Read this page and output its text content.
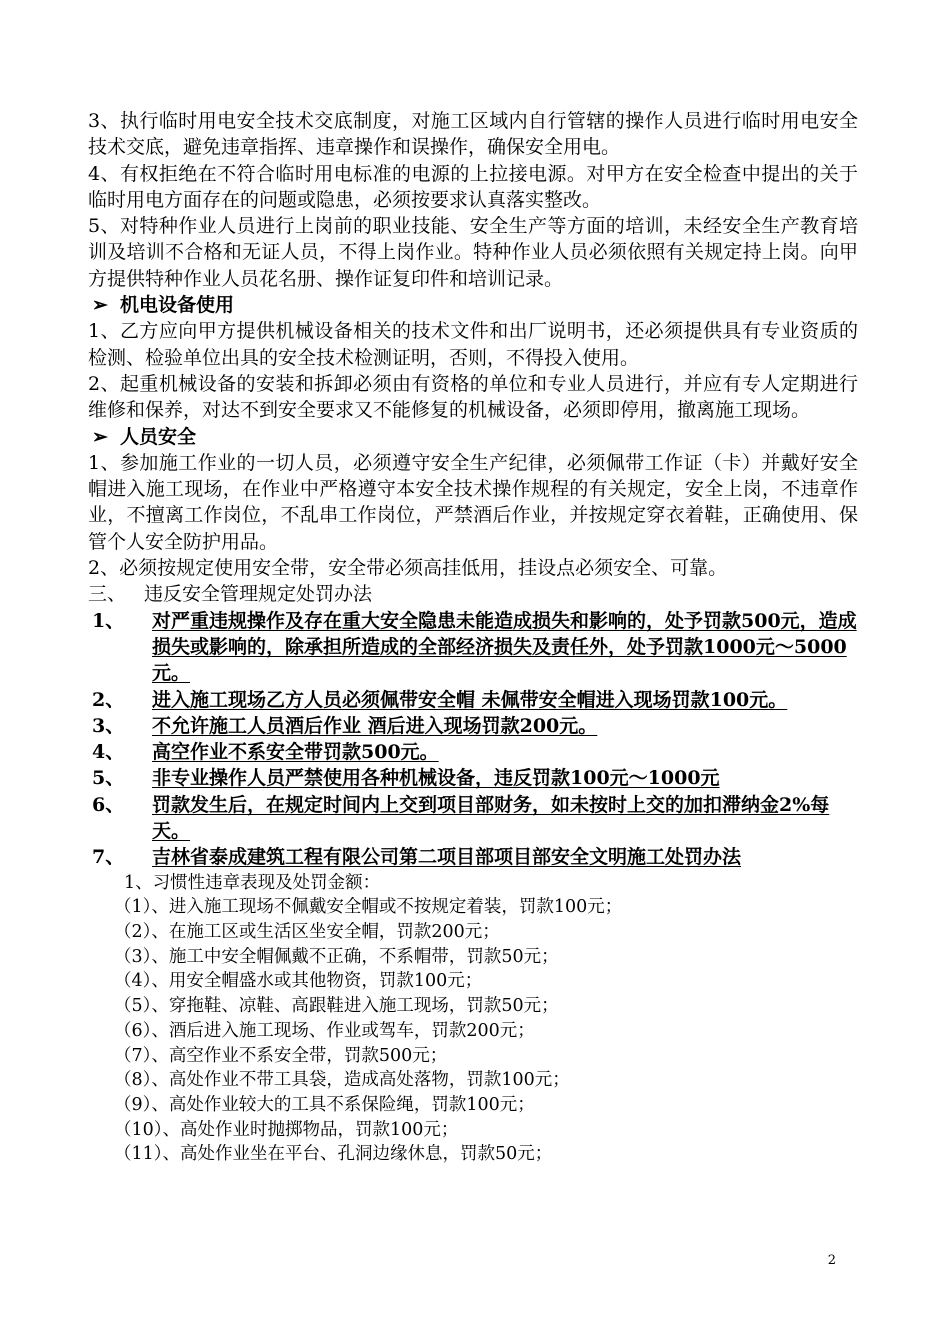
3、执行临时用电安全技术交底制度，对施工区域内自行管辖的操作人员进行临时用电安全技术交底，避免违章指挥、违章操作和误操作，确保安全用电。

4、有权拒绝在不符合临时用电标准的电源的上拉接电源。对甲方在安全检查中提出的关于临时用电方面存在的问题或隐患，必须按要求认真落实整改。

5、对特种作业人员进行上岗前的职业技能、安全生产等方面的培训，未经安全生产教育培训及培训不合格和无证人员，不得上岗作业。特种作业人员必须依照有关规定持上岗。向甲方提供特种作业人员花名册、操作证复印件和培训记录。

➢ 机电设备使用

1、乙方应向甲方提供机械设备相关的技术文件和出厂说明书，还必须提供具有专业资质的检测、检验单位出具的安全技术检测证明，否则，不得投入使用。

2、起重机械设备的安装和拆卸必须由有资格的单位和专业人员进行，并应有专人定期进行维修和保养，对达不到安全要求又不能修复的机械设备，必须即停用，撤离施工现场。

➢ 人员安全

1、参加施工作业的一切人员，必须遵守安全生产纪律，必须佩带工作证（卡）并戴好安全帽进入施工现场，在作业中严格遵守本安全技术操作规程的有关规定，安全上岗，不违章作业，不擅离工作岗位，不乱串工作岗位，严禁酒后作业，并按规定穿衣着鞋，正确使用、保管个人安全防护用品。

2、必须按规定使用安全带，安全带必须高挂低用，挂设点必须安全、可靠。

三、 违反安全管理规定处罚办法

1、	对严重违规操作及存在重大安全隐患未能造成损失和影响的，处予罚款500元，造成损失或影响的，除承担所造成的全部经济损失及责任外，处予罚款1000元～5000元。
2、	进入施工现场乙方人员必须佩带安全帽 未佩带安全帽进入现场罚款100元。
3、	不允许施工人员酒后作业 酒后进入现场罚款200元。
4、	高空作业不系安全带罚款500元。
5、	非专业操作人员严禁使用各种机械设备，违反罚款100元～1000元
6、	罚款发生后，在规定时间内上交到项目部财务，如未按时上交的加扣滞纳金2%每天。
7、	吉林省泰成建筑工程有限公司第二项目部项目部安全文明施工处罚办法

1、习惯性违章表现及处罚金额：

（1）、进入施工现场不佩戴安全帽或不按规定着装，罚款100元；

（2）、在施工区或生活区坐安全帽，罚款200元；

（3）、施工中安全帽佩戴不正确，不系帽带，罚款50元；

（4）、用安全帽盛水或其他物资，罚款100元；

（5）、穿拖鞋、凉鞋、高跟鞋进入施工现场，罚款50元；

（6）、酒后进入施工现场、作业或驾车，罚款200元；

（7）、高空作业不系安全带，罚款500元；

（8）、高处作业不带工具袋，造成高处落物，罚款100元；

（9）、高处作业较大的工具不系保险绳，罚款100元；

（10）、高处作业时抛掷物品，罚款100元；

（11）、高处作业坐在平台、孔洞边缘休息，罚款50元；

2
